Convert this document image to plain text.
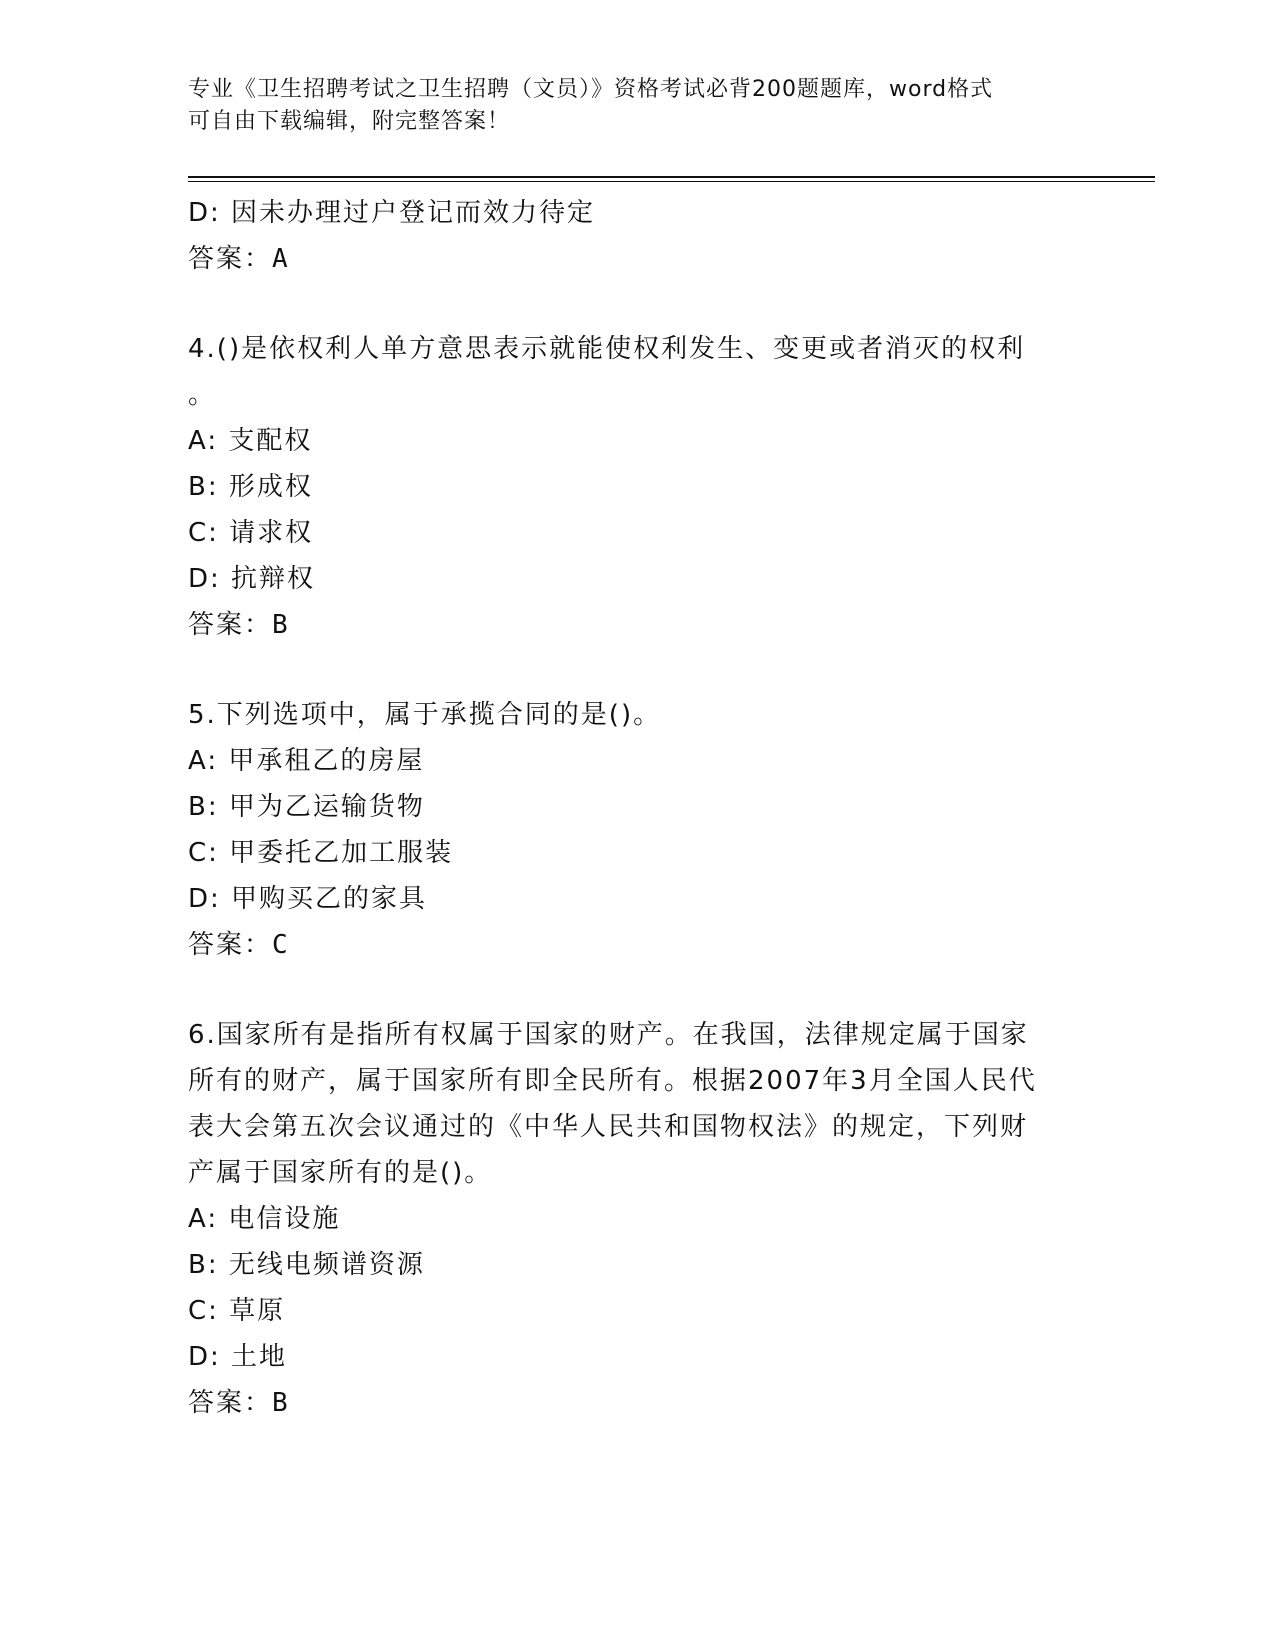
专业《卫生招聘考试之卫生招聘（文员）》资格考试必背200题题库，word格式
可自由下载编辑，附完整答案！
D: 因未办理过户登记而效力待定
答案：A
4.()是依权利人单方意思表示就能使权利发生、变更或者消灭的权利
。
A: 支配权
B: 形成权
C: 请求权
D: 抗辩权
答案：B
5.下列选项中，属于承揽合同的是()。
A: 甲承租乙的房屋
B: 甲为乙运输货物
C: 甲委托乙加工服装
D: 甲购买乙的家具
答案：C
6.国家所有是指所有权属于国家的财产。在我国，法律规定属于国家
所有的财产，属于国家所有即全民所有。根据2007年3月全国人民代
表大会第五次会议通过的《中华人民共和国物权法》的规定，下列财
产属于国家所有的是()。
A: 电信设施
B: 无线电频谱资源
C: 草原
D: 土地
答案：B
